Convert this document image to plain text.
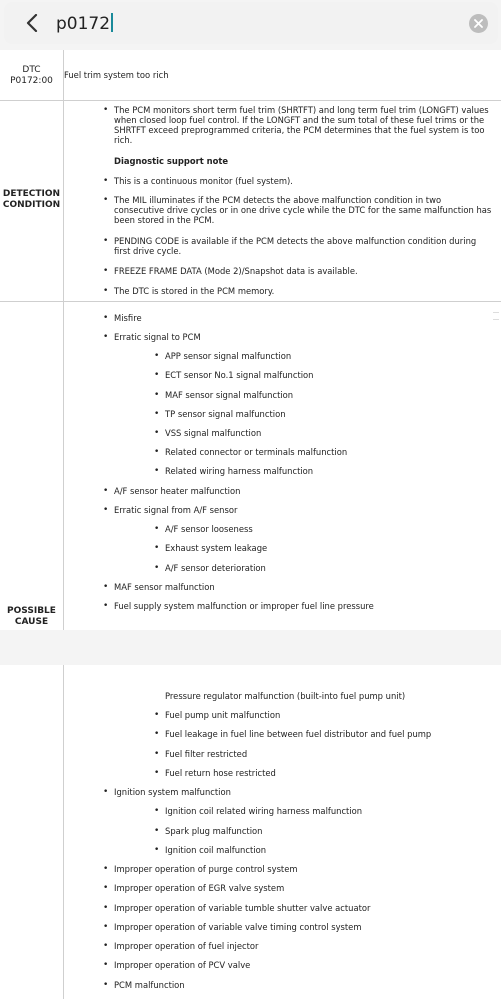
p0172
DTC
P0172:00
Fuel trim system too rich
DETECTION
CONDITION
• The PCM monitors short term fuel trim (SHRTFT) and long term fuel trim (LONGFT) values when closed loop fuel control. If the LONGFT and the sum total of these fuel trims or the SHRTFT exceed preprogrammed criteria, the PCM determines that the fuel system is too rich.
Diagnostic support note
• This is a continuous monitor (fuel system).
• The MIL illuminates if the PCM detects the above malfunction condition in two consecutive drive cycles or in one drive cycle while the DTC for the same malfunction has been stored in the PCM.
• PENDING CODE is available if the PCM detects the above malfunction condition during first drive cycle.
• FREEZE FRAME DATA (Mode 2)/Snapshot data is available.
• The DTC is stored in the PCM memory.
POSSIBLE
CAUSE
• Misfire
• Erratic signal to PCM
• APP sensor signal malfunction
• ECT sensor No.1 signal malfunction
• MAF sensor signal malfunction
• TP sensor signal malfunction
• VSS signal malfunction
• Related connector or terminals malfunction
• Related wiring harness malfunction
• A/F sensor heater malfunction
• Erratic signal from A/F sensor
• A/F sensor looseness
• Exhaust system leakage
• A/F sensor deterioration
• MAF sensor malfunction
• Fuel supply system malfunction or improper fuel line pressure
Pressure regulator malfunction (built-into fuel pump unit)
• Fuel pump unit malfunction
• Fuel leakage in fuel line between fuel distributor and fuel pump
• Fuel filter restricted
• Fuel return hose restricted
• Ignition system malfunction
• Ignition coil related wiring harness malfunction
• Spark plug malfunction
• Ignition coil malfunction
• Improper operation of purge control system
• Improper operation of EGR valve system
• Improper operation of variable tumble shutter valve actuator
• Improper operation of variable valve timing control system
• Improper operation of fuel injector
• Improper operation of PCV valve
• PCM malfunction
